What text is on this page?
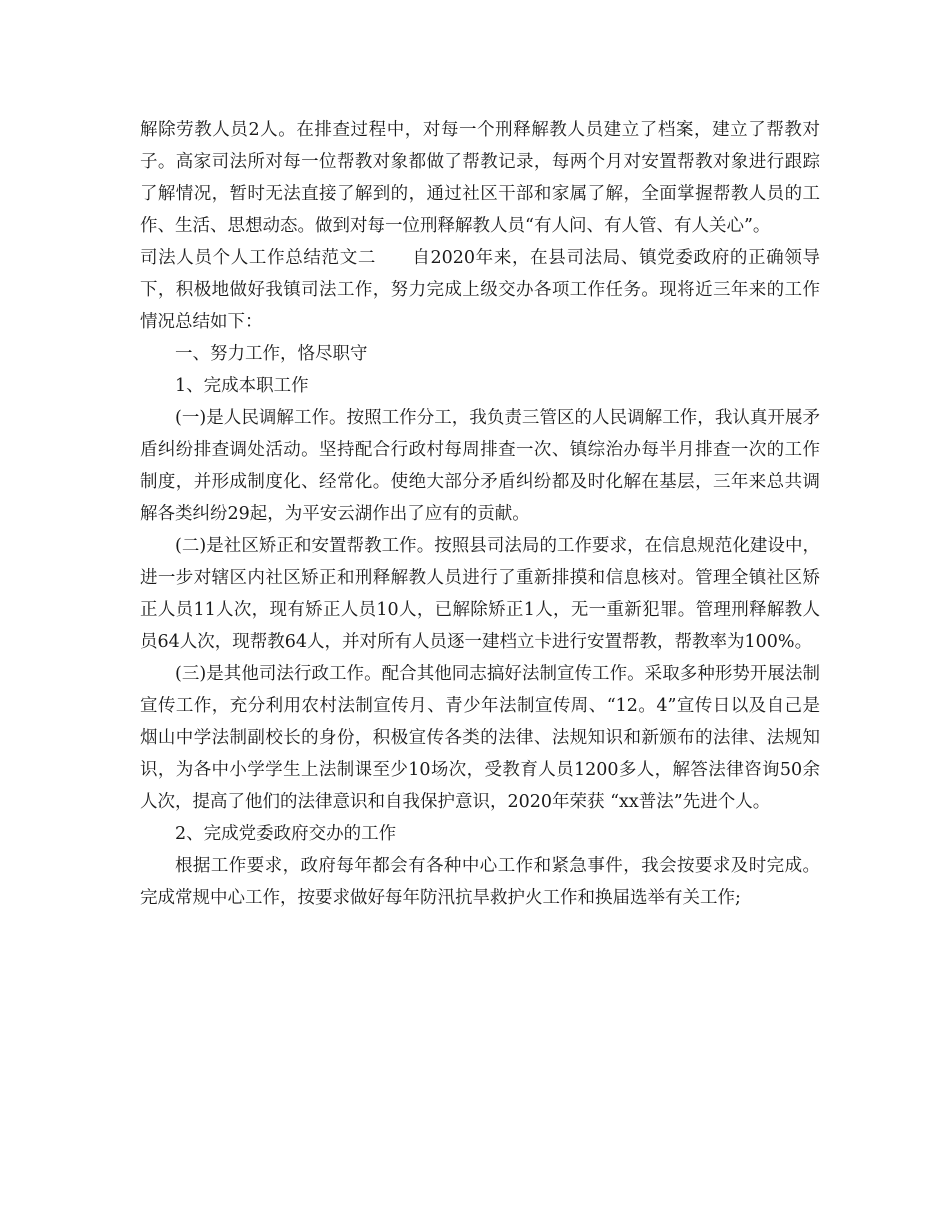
解除劳教人员2人。在排查过程中，对每一个刑释解教人员建立了档案，建立了帮教对子。高家司法所对每一位帮教对象都做了帮教记录，每两个月对安置帮教对象进行跟踪了解情况，暂时无法直接了解到的，通过社区干部和家属了解，全面掌握帮教人员的工作、生活、思想动态。做到对每一位刑释解教人员“有人问、有人管、有人关心”。

司法人员个人工作总结范文二　　自2020年来，在县司法局、镇党委政府的正确领导下，积极地做好我镇司法工作，努力完成上级交办各项工作任务。现将近三年来的工作情况总结如下：

一、努力工作，恪尽职守

1、完成本职工作

(一)是人民调解工作。按照工作分工，我负责三管区的人民调解工作，我认真开展矛盾纠纷排查调处活动。坚持配合行政村每周排查一次、镇综治办每半月排查一次的工作制度，并形成制度化、经常化。使绝大部分矛盾纠纷都及时化解在基层，三年来总共调解各类纠纷29起，为平安云湖作出了应有的贡献。

(二)是社区矫正和安置帮教工作。按照县司法局的工作要求，在信息规范化建设中，进一步对辖区内社区矫正和刑释解教人员进行了重新排摸和信息核对。管理全镇社区矫正人员11人次，现有矫正人员10人，已解除矫正1人，无一重新犯罪。管理刑释解教人员64人次，现帮教64人，并对所有人员逐一建档立卡进行安置帮教，帮教率为100%。

(三)是其他司法行政工作。配合其他同志搞好法制宣传工作。采取多种形势开展法制宣传工作，充分利用农村法制宣传月、青少年法制宣传周、“12。4”宣传日以及自己是烟山中学法制副校长的身份，积极宣传各类的法律、法规知识和新颁布的法律、法规知识，为各中小学学生上法制课至少10场次，受教育人员1200多人，解答法律咨询50余人次，提高了他们的法律意识和自我保护意识，2020年荣获 “xx普法”先进个人。

2、完成党委政府交办的工作

根据工作要求，政府每年都会有各种中心工作和紧急事件，我会按要求及时完成。完成常规中心工作，按要求做好每年防汛抗旱救护火工作和换届选举有关工作;
